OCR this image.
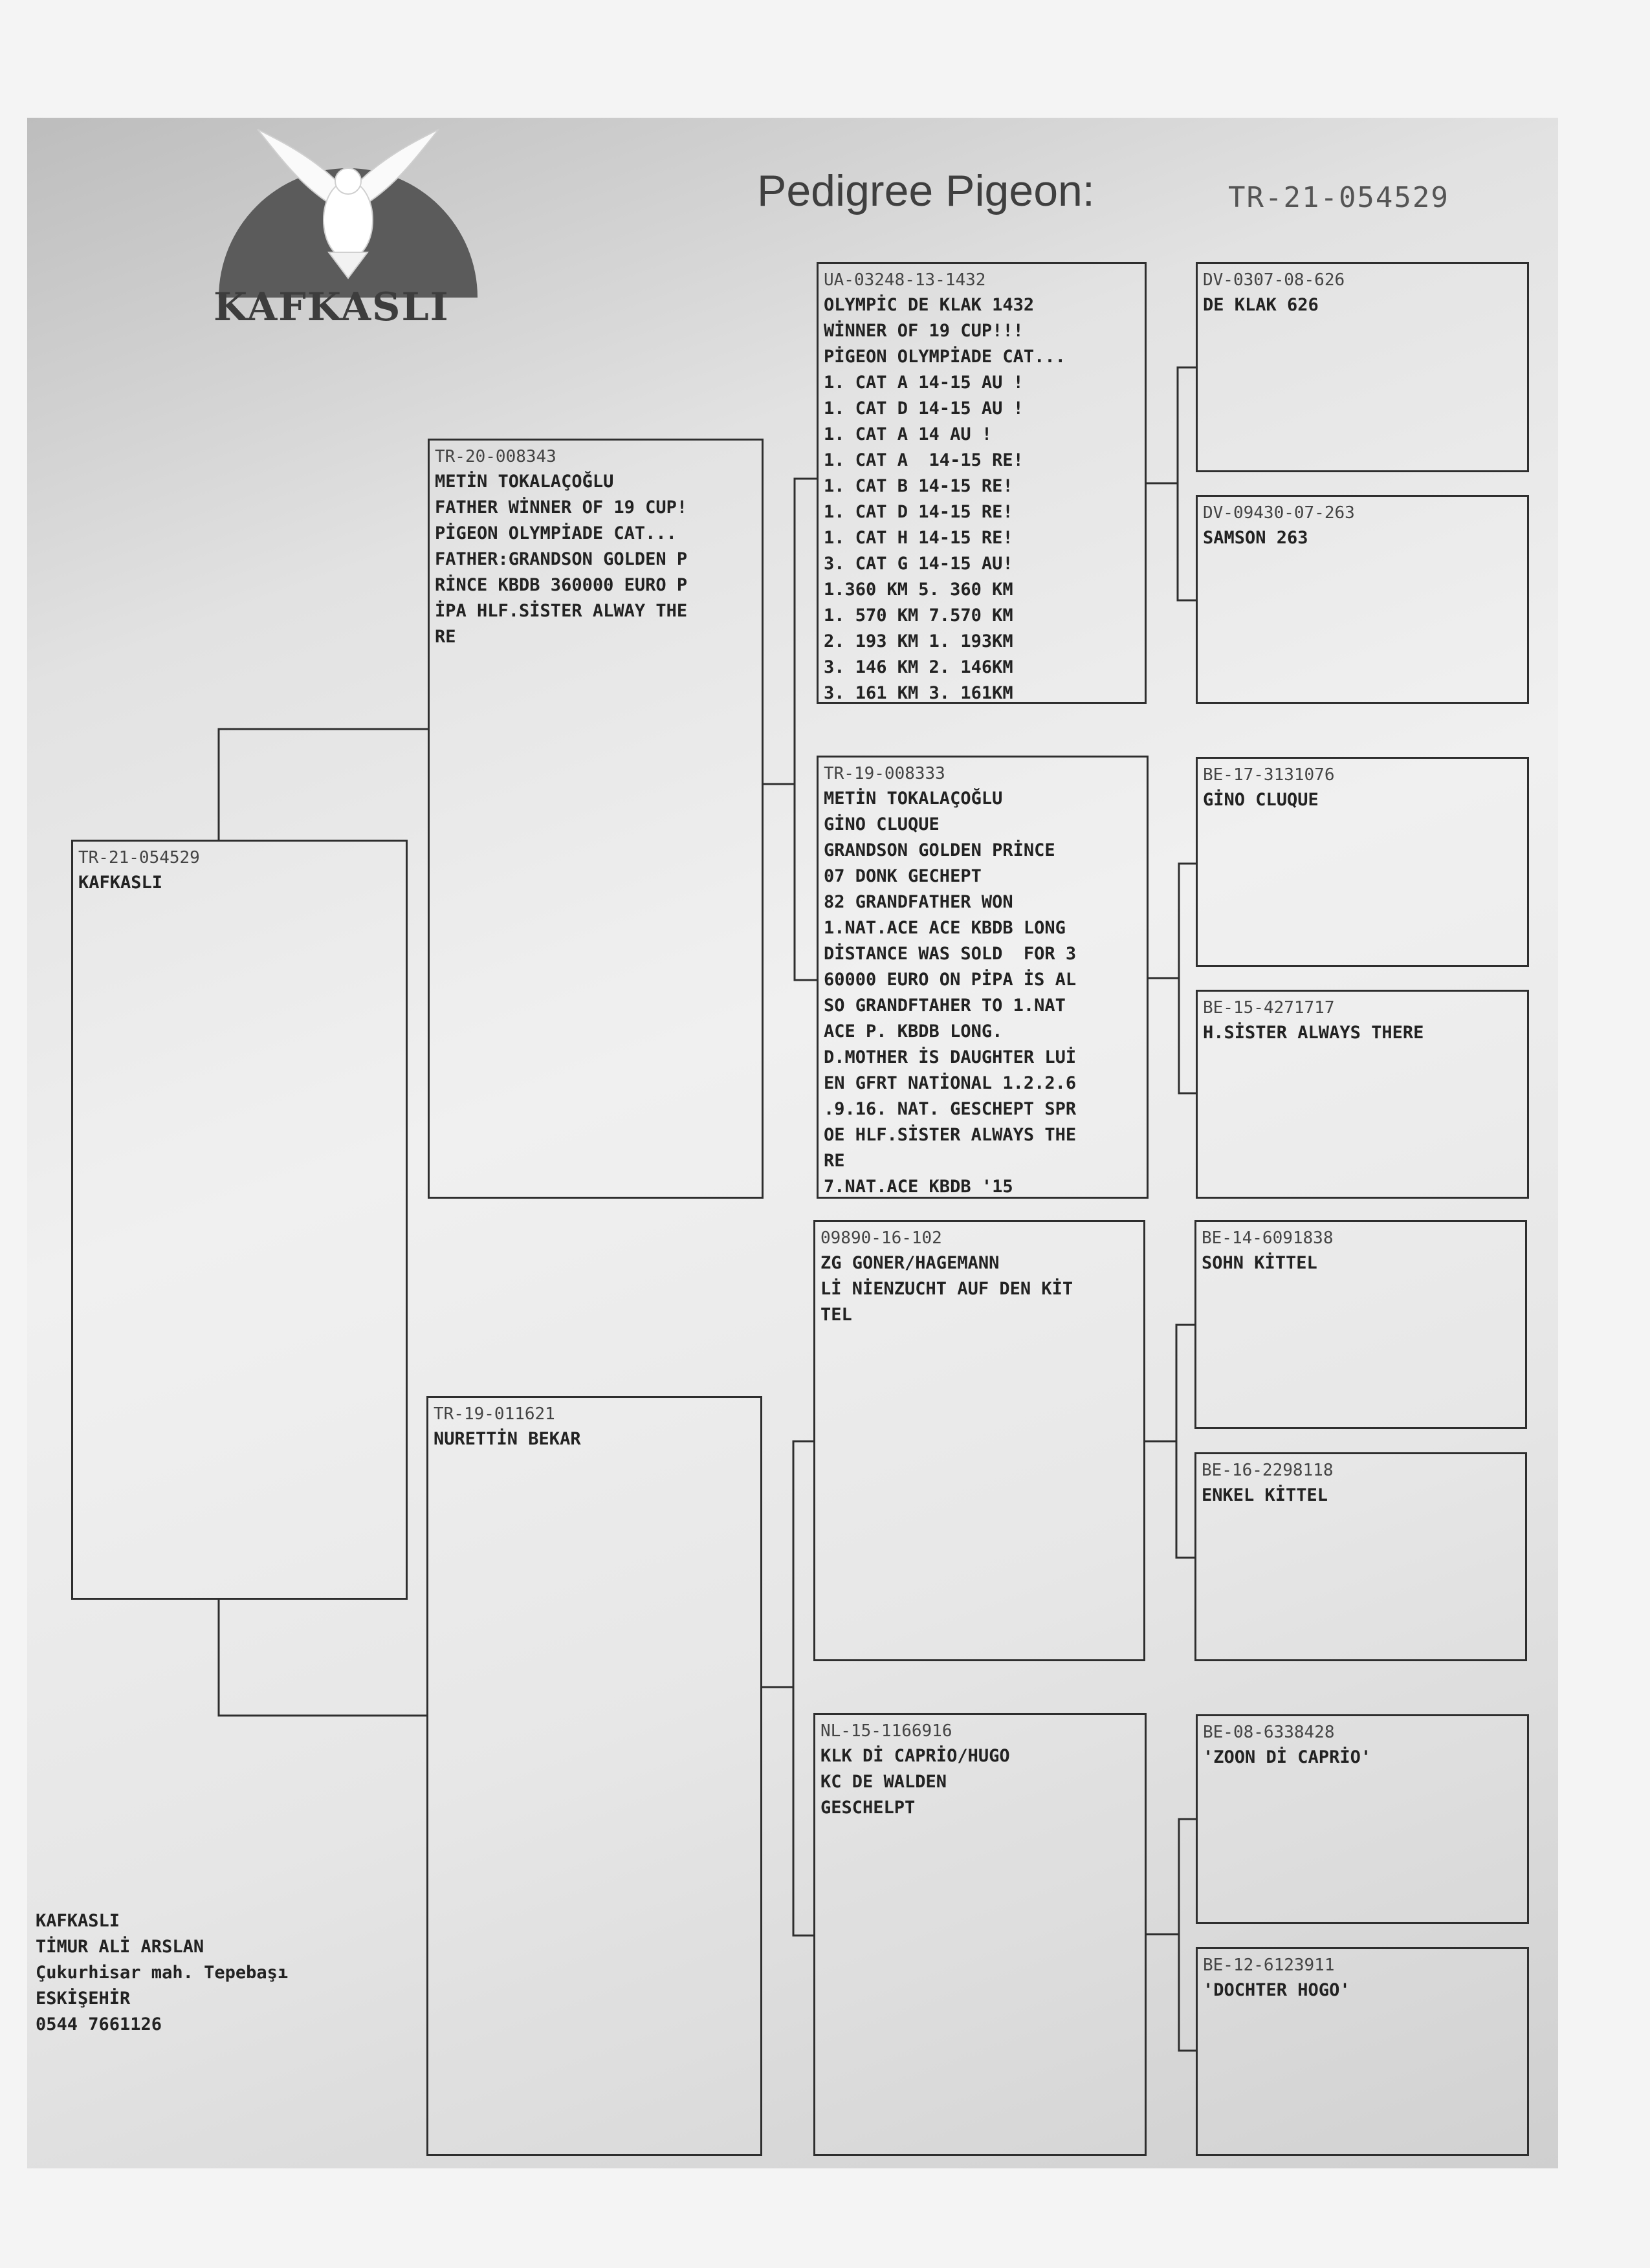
KAFKASLI
Pedigree Pigeon:	TR-21-054529
TR-21-054529
KAFKASLI
TR-20-008343
METİN TOKALAÇOĞLU
FATHER WİNNER OF 19 CUP!
PİGEON OLYMPİADE CAT...
FATHER:GRANDSON GOLDEN P
RİNCE KBDB 360000 EURO P
İPA HLF.SİSTER ALWAY THE
RE
TR-19-011621
NURETTİN BEKAR
UA-03248-13-1432
OLYMPİC DE KLAK 1432
WİNNER OF 19 CUP!!!
PİGEON OLYMPİADE CAT...
1. CAT A 14-15 AU !
1. CAT D 14-15 AU !
1. CAT A 14 AU !
1. CAT A  14-15 RE!
1. CAT B 14-15 RE!
1. CAT D 14-15 RE!
1. CAT H 14-15 RE!
3. CAT G 14-15 AU!
1.360 KM 5. 360 KM
1. 570 KM 7.570 KM
2. 193 KM 1. 193KM
3. 146 KM 2. 146KM
3. 161 KM 3. 161KM
TR-19-008333
METİN TOKALAÇOĞLU
GİNO CLUQUE
GRANDSON GOLDEN PRİNCE
07 DONK GECHEPT
82 GRANDFATHER WON
1.NAT.ACE ACE KBDB LONG
DİSTANCE WAS SOLD  FOR 3
60000 EURO ON PİPA İS AL
SO GRANDFTAHER TO 1.NAT
ACE P. KBDB LONG.
D.MOTHER İS DAUGHTER LUİ
EN GFRT NATİONAL 1.2.2.6
.9.16. NAT. GESCHEPT SPR
OE HLF.SİSTER ALWAYS THE
RE
7.NAT.ACE KBDB '15
09890-16-102
ZG GONER/HAGEMANN
Lİ NİENZUCHT AUF DEN KİT
TEL
NL-15-1166916
KLK Dİ CAPRİO/HUGO
KC DE WALDEN
GESCHELPT
DV-0307-08-626
DE KLAK 626
DV-09430-07-263
SAMSON 263
BE-17-3131076
GİNO CLUQUE
BE-15-4271717
H.SİSTER ALWAYS THERE
BE-14-6091838
SOHN KİTTEL
BE-16-2298118
ENKEL KİTTEL
BE-08-6338428
'ZOON Dİ CAPRİO'
BE-12-6123911
'DOCHTER HOGO'
KAFKASLI
TİMUR ALİ ARSLAN
Çukurhisar mah. Tepebaşı
ESKİŞEHİR
0544 7661126
